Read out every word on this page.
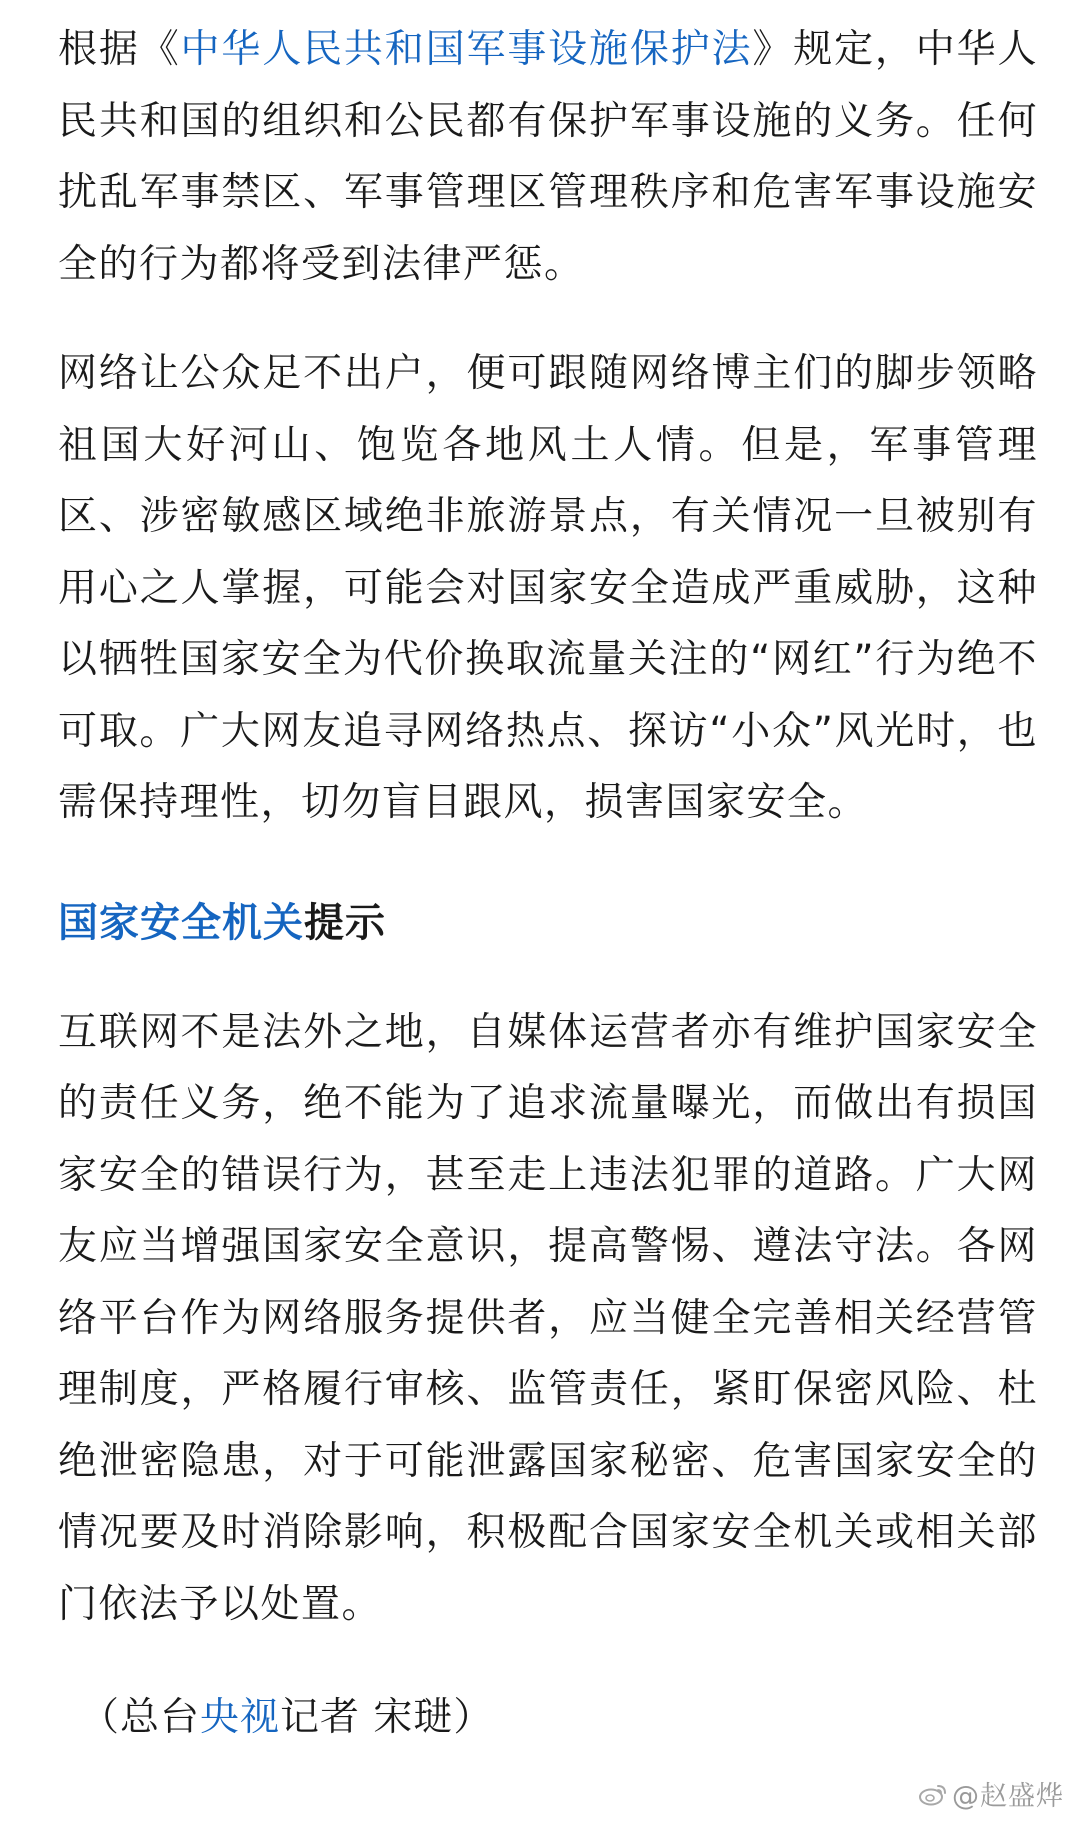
根据《中华人民共和国军事设施保护法》规定，中华人民共和国的组织和公民都有保护军事设施的义务。任何扰乱军事禁区、军事管理区管理秩序和危害军事设施安全的行为都将受到法律严惩。

网络让公众足不出户，便可跟随网络博主们的脚步领略祖国大好河山、饱览各地风土人情。但是，军事管理区、涉密敏感区域绝非旅游景点，有关情况一旦被别有用心之人掌握，可能会对国家安全造成严重威胁，这种以牺牲国家安全为代价换取流量关注的“网红”行为绝不可取。广大网友追寻网络热点、探访“小众”风光时，也需保持理性，切勿盲目跟风，损害国家安全。

国家安全机关提示

互联网不是法外之地，自媒体运营者亦有维护国家安全的责任义务，绝不能为了追求流量曝光，而做出有损国家安全的错误行为，甚至走上违法犯罪的道路。广大网友应当增强国家安全意识，提高警惕、遵法守法。各网络平台作为网络服务提供者，应当健全完善相关经营管理制度，严格履行审核、监管责任，紧盯保密风险、杜绝泄密隐患，对于可能泄露国家秘密、危害国家安全的情况要及时消除影响，积极配合国家安全机关或相关部门依法予以处置。

（总台央视记者 宋琎）

@赵盛烨
